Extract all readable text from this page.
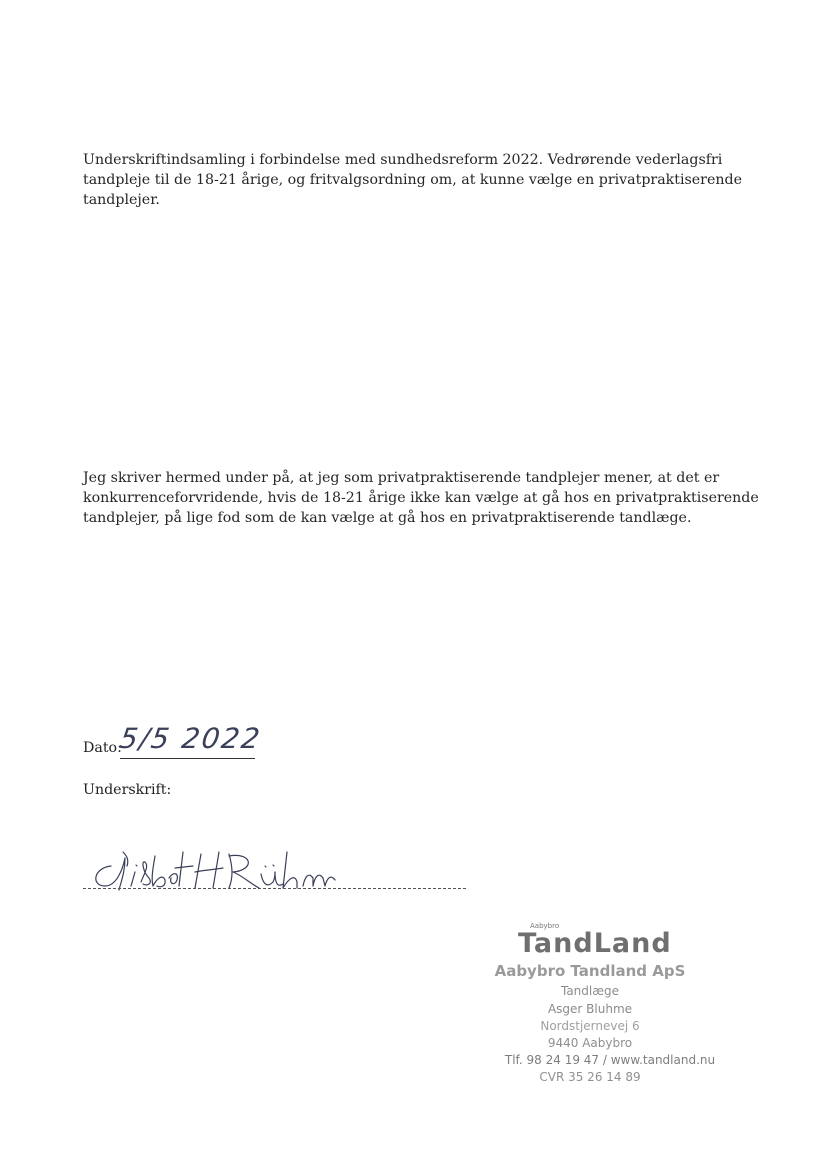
Underskriftindsamling i forbindelse med sundhedsreform 2022. Vedrørende vederlagsfri tandpleje til de 18-21 årige, og fritvalgsordning om, at kunne vælge en privatpraktiserende tandplejer.

Jeg skriver hermed under på, at jeg som privatpraktiserende tandplejer mener, at det er konkurrenceforvridende, hvis de 18-21 årige ikke kan vælge at gå hos en privatpraktiserende tandplejer, på lige fod som de kan vælge at gå hos en privatpraktiserende tandlæge.

Dato:
5/5 2022
Underskrift:
Aabybro
TandLand
Aabybro Tandland ApS
Tandlæge
Asger Bluhme
Nordstjernevej 6
9440 Aabybro
Tlf. 98 24 19 47 / www.tandland.nu
CVR 35 26 14 89
